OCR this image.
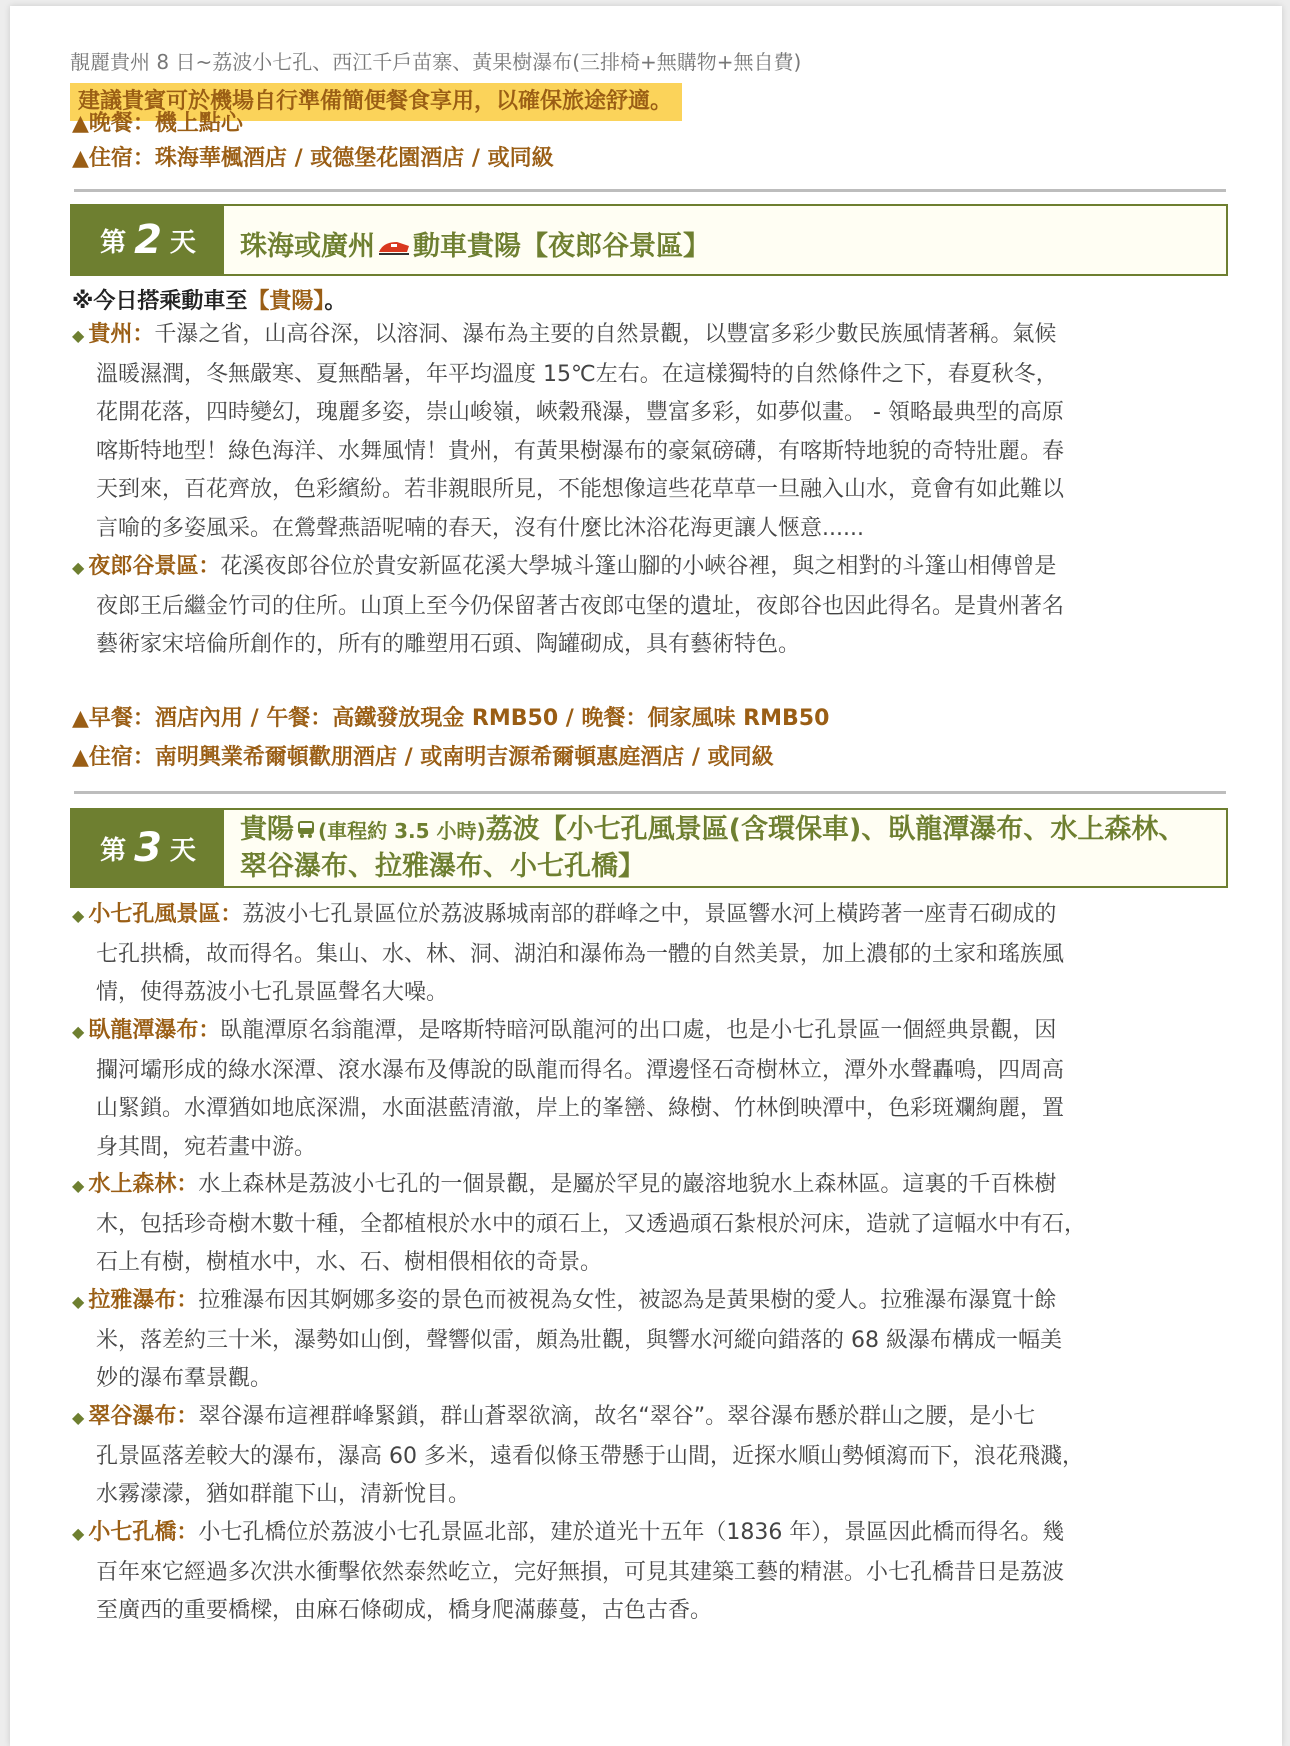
靚麗貴州 8 日~荔波小七孔、西江千戶苗寨、黃果樹瀑布(三排椅+無購物+無自費)
建議貴賓可於機場自行準備簡便餐食享用，以確保旅途舒適。
▲晚餐：機上點心
▲住宿：珠海華楓酒店 / 或德堡花園酒店 / 或同級
第 2 天 珠海或廣州 動車貴陽【夜郎谷景區】
※今日搭乘動車至【貴陽】。
◆ 貴州：千瀑之省，山高谷深，以溶洞、瀑布為主要的自然景觀，以豐富多彩少數民族風情著稱。氣候
溫暖濕潤，冬無嚴寒、夏無酷暑，年平均溫度 15℃左右。在這樣獨特的自然條件之下，春夏秋冬，
花開花落，四時變幻，瑰麗多姿，崇山峻嶺，峽穀飛瀑，豐富多彩，如夢似畫。 - 領略最典型的高原
喀斯特地型！綠色海洋、水舞風情！貴州，有黃果樹瀑布的豪氣磅礴，有喀斯特地貌的奇特壯麗。春
天到來，百花齊放，色彩繽紛。若非親眼所見，不能想像這些花草草一旦融入山水，竟會有如此難以
言喻的多姿風采。在鶯聲燕語呢喃的春天，沒有什麼比沐浴花海更讓人愜意......
◆ 夜郎谷景區：花溪夜郎谷位於貴安新區花溪大學城斗篷山腳的小峽谷裡，與之相對的斗篷山相傳曾是
夜郎王后繼金竹司的住所。山頂上至今仍保留著古夜郎屯堡的遺址，夜郎谷也因此得名。是貴州著名
藝術家宋培倫所創作的，所有的雕塑用石頭、陶罐砌成，具有藝術特色。
▲早餐：酒店內用 / 午餐：高鐵發放現金 RMB50 / 晚餐：侗家風味 RMB50
▲住宿：南明興業希爾頓歡朋酒店 / 或南明吉源希爾頓惠庭酒店 / 或同級
第 3 天
貴陽 (車程約 3.5 小時)荔波【小七孔風景區(含環保車)、臥龍潭瀑布、水上森林、
翠谷瀑布、拉雅瀑布、小七孔橋】
◆ 小七孔風景區：荔波小七孔景區位於荔波縣城南部的群峰之中，景區響水河上橫跨著一座青石砌成的
七孔拱橋，故而得名。集山、水、林、洞、湖泊和瀑佈為一體的自然美景，加上濃郁的土家和瑤族風
情，使得荔波小七孔景區聲名大噪。
◆ 臥龍潭瀑布：臥龍潭原名翁龍潭，是喀斯特暗河臥龍河的出口處，也是小七孔景區一個經典景觀，因
攔河壩形成的綠水深潭、滾水瀑布及傳說的臥龍而得名。潭邊怪石奇樹林立，潭外水聲轟鳴，四周高
山緊鎖。水潭猶如地底深淵，水面湛藍清澈，岸上的峯巒、綠樹、竹林倒映潭中，色彩斑斕絢麗，置
身其間，宛若畫中游。
◆ 水上森林：水上森林是荔波小七孔的一個景觀，是屬於罕見的巖溶地貌水上森林區。這裏的千百株樹
木，包括珍奇樹木數十種，全都植根於水中的頑石上，又透過頑石紮根於河床，造就了這幅水中有石，
石上有樹，樹植水中，水、石、樹相偎相依的奇景。
◆ 拉雅瀑布：拉雅瀑布因其婀娜多姿的景色而被視為女性，被認為是黃果樹的愛人。拉雅瀑布瀑寬十餘
米，落差約三十米，瀑勢如山倒，聲響似雷，頗為壯觀，與響水河縱向錯落的 68 級瀑布構成一幅美
妙的瀑布羣景觀。
◆ 翠谷瀑布：翠谷瀑布這裡群峰緊鎖，群山蒼翠欲滴，故名“翠谷”。翠谷瀑布懸於群山之腰，是小七
孔景區落差較大的瀑布，瀑高 60 多米，遠看似條玉帶懸于山間，近探水順山勢傾瀉而下，浪花飛濺，
水霧濛濛，猶如群龍下山，清新悅目。
◆ 小七孔橋：小七孔橋位於荔波小七孔景區北部，建於道光十五年（1836 年），景區因此橋而得名。幾
百年來它經過多次洪水衝擊依然泰然屹立，完好無損，可見其建築工藝的精湛。小七孔橋昔日是荔波
至廣西的重要橋樑，由麻石條砌成，橋身爬滿藤蔓，古色古香。
